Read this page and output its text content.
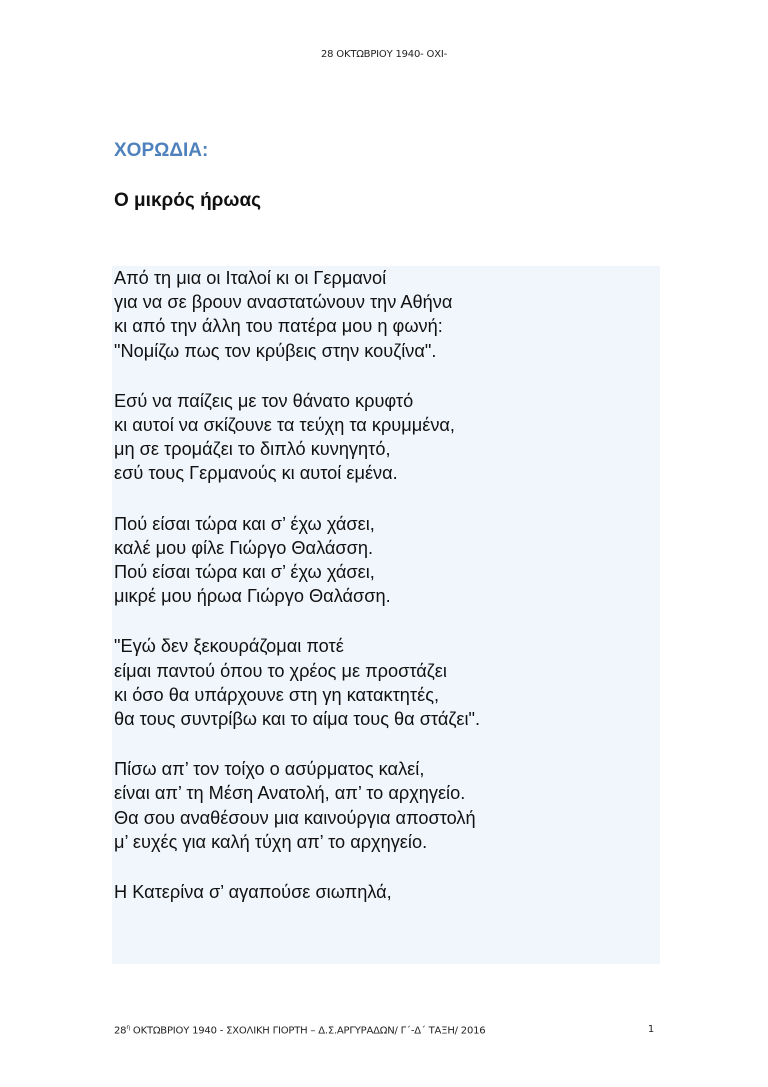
28 ΟΚΤΩΒΡΙΟΥ 1940- ΟΧΙ-
ΧΟΡΩΔΙΑ:
Ο μικρός ήρωας
Από τη μια οι Ιταλοί κι οι Γερμανοί
για να σε βρουν αναστατώνουν την Αθήνα
κι από την άλλη του πατέρα μου η φωνή:
"Νομίζω πως τον κρύβεις στην κουζίνα".
Εσύ να παίζεις με τον θάνατο κρυφτό
κι αυτοί να σκίζουνε τα τεύχη τα κρυμμένα,
μη σε τρομάζει το διπλό κυνηγητό,
εσύ τους Γερμανούς κι αυτοί εμένα.
Πού είσαι τώρα και σ’ έχω χάσει,
καλέ μου φίλε Γιώργο Θαλάσση.
Πού είσαι τώρα και σ’ έχω χάσει,
μικρέ μου ήρωα Γιώργο Θαλάσση.
"Εγώ δεν ξεκουράζομαι ποτέ
είμαι παντού όπου το χρέος με προστάζει
κι όσο θα υπάρχουνε στη γη κατακτητές,
θα τους συντρίβω και το αίμα τους θα στάζει".
Πίσω απ’ τον τοίχο ο ασύρματος καλεί,
είναι απ’ τη Μέση Ανατολή, απ’ το αρχηγείο.
Θα σου αναθέσουν μια καινούργια αποστολή
μ’ ευχές για καλή τύχη απ’ το αρχηγείο.
Η Κατερίνα σ’ αγαπούσε σιωπηλά,
$28^\eta$ ΟΚΤΩΒΡΙΟΥ 1940 - ΣΧΟΛΙΚΗ ΓΙΟΡΤΗ – Δ.Σ.ΑΡΓΥΡΑΔΩΝ/ Γ΄-Δ΄ ΤΑΞΗ/ 2016	1
